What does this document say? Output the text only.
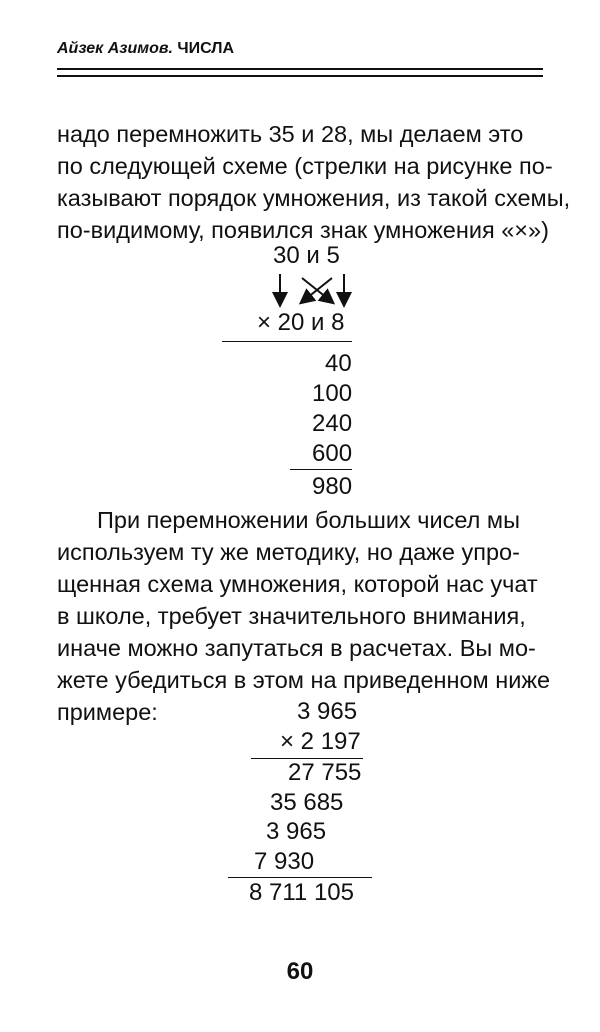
Айзек Азимов. ЧИСЛА

надо перемножить 35 и 28, мы делаем это
по следующей схеме (стрелки на рисунке по-
казывают порядок умножения, из такой схемы,
по-видимому, появился знак умножения «×»)

30 и 5
× 20 и 8
40
100
240
600
980

При перемножении больших чисел мы
используем ту же методику, но даже упро-
щенная схема умножения, которой нас учат
в школе, требует значительного внимания,
иначе можно запутаться в расчетах. Вы мо-
жете убедиться в этом на приведенном ниже
примере:	3 965
× 2 197
27 755
35 685
3 965
7 930
8 711 105
60
